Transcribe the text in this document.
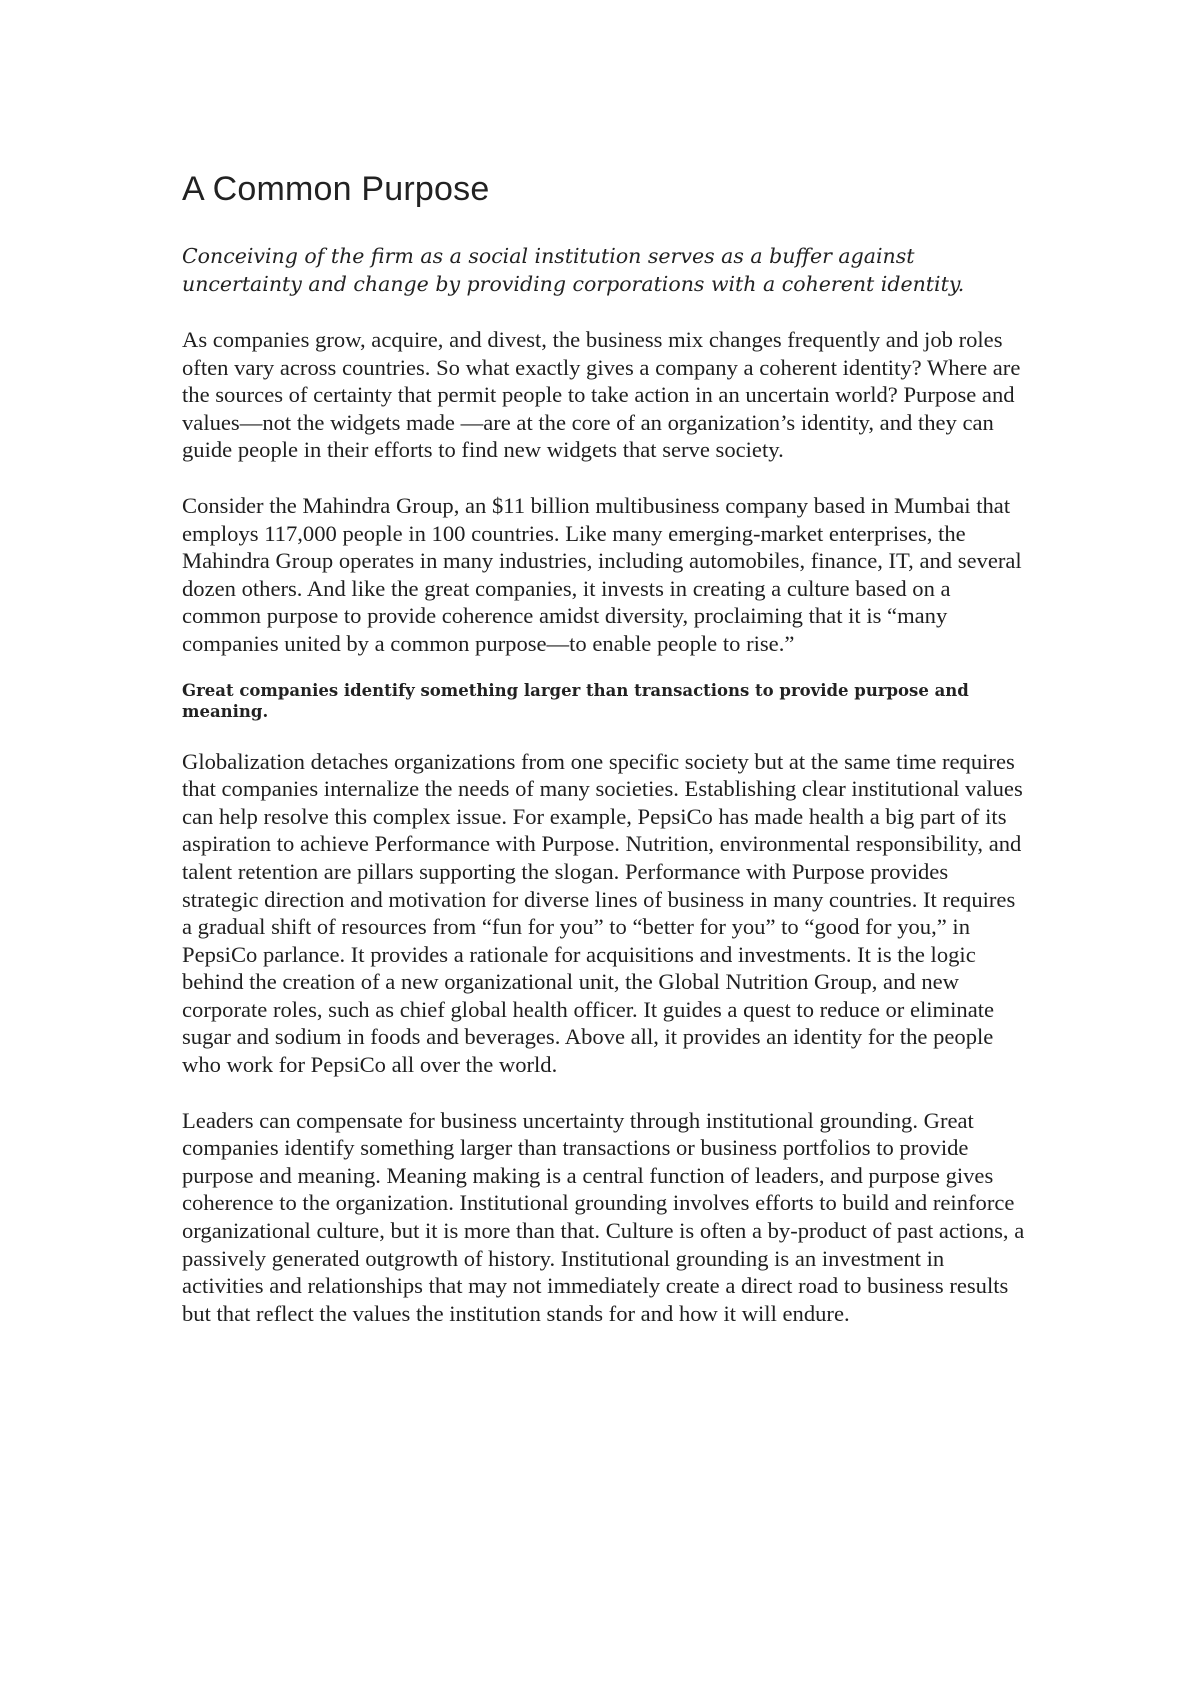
A Common Purpose

Conceiving of the firm as a social institution serves as a buffer against uncertainty and change by providing corporations with a coherent identity.

As companies grow, acquire, and divest, the business mix changes frequently and job roles often vary across countries. So what exactly gives a company a coherent identity? Where are the sources of certainty that permit people to take action in an uncertain world? Purpose and values—not the widgets made —are at the core of an organization’s identity, and they can guide people in their efforts to find new widgets that serve society.

Consider the Mahindra Group, an $11 billion multibusiness company based in Mumbai that employs 117,000 people in 100 countries. Like many emerging-market enterprises, the Mahindra Group operates in many industries, including automobiles, finance, IT, and several dozen others. And like the great companies, it invests in creating a culture based on a common purpose to provide coherence amidst diversity, proclaiming that it is “many companies united by a common purpose—to enable people to rise.”

Great companies identify something larger than transactions to provide purpose and meaning.

Globalization detaches organizations from one specific society but at the same time requires that companies internalize the needs of many societies. Establishing clear institutional values can help resolve this complex issue. For example, PepsiCo has made health a big part of its aspiration to achieve Performance with Purpose. Nutrition, environmental responsibility, and talent retention are pillars supporting the slogan. Performance with Purpose provides strategic direction and motivation for diverse lines of business in many countries. It requires a gradual shift of resources from “fun for you” to “better for you” to “good for you,” in PepsiCo parlance. It provides a rationale for acquisitions and investments. It is the logic behind the creation of a new organizational unit, the Global Nutrition Group, and new corporate roles, such as chief global health officer. It guides a quest to reduce or eliminate sugar and sodium in foods and beverages. Above all, it provides an identity for the people who work for PepsiCo all over the world.

Leaders can compensate for business uncertainty through institutional grounding. Great companies identify something larger than transactions or business portfolios to provide purpose and meaning. Meaning making is a central function of leaders, and purpose gives coherence to the organization. Institutional grounding involves efforts to build and reinforce organizational culture, but it is more than that. Culture is often a by-product of past actions, a passively generated outgrowth of history. Institutional grounding is an investment in activities and relationships that may not immediately create a direct road to business results but that reflect the values the institution stands for and how it will endure.
